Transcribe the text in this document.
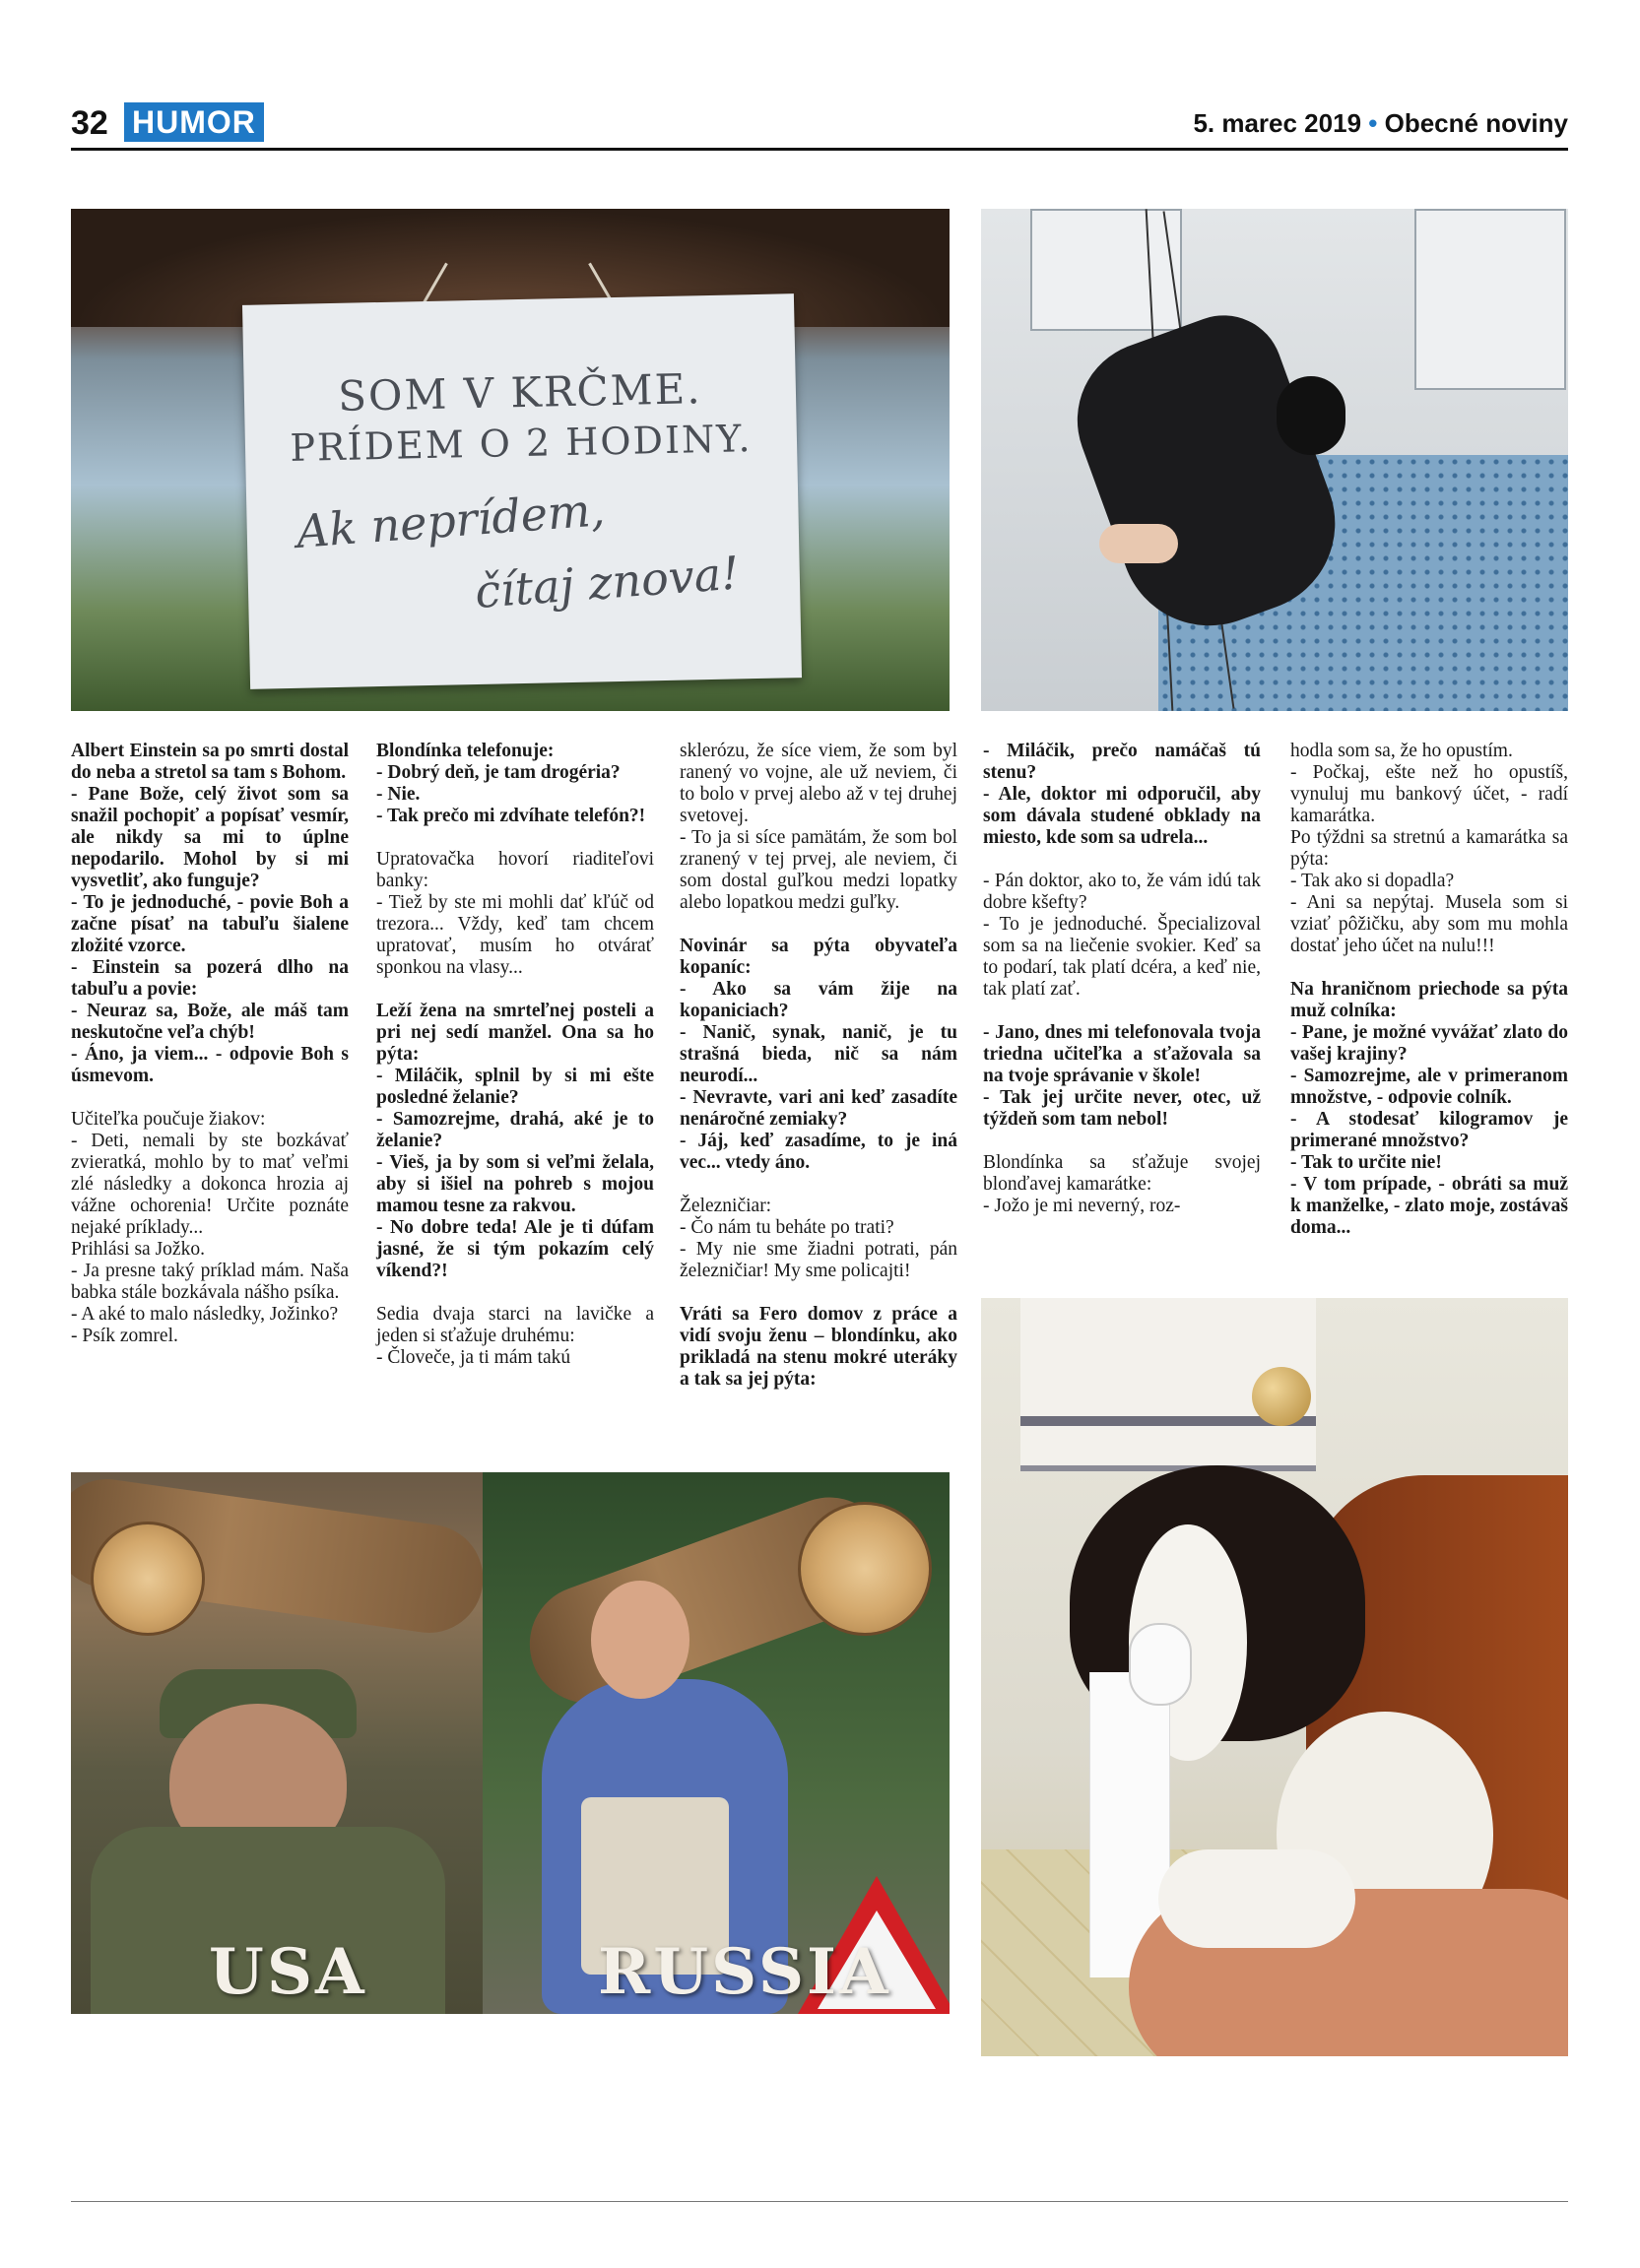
32 HUMOR	5. marec 2019 • Obecné noviny
SOM V KRČME.
PRÍDEM O 2 HODINY.
Ak neprídem,
čítaj znova!
USA	RUSSIA

Albert Einstein sa po smrti dostal do neba a stretol sa tam s Bohom.

- Pane Bože, celý život som sa snažil pochopiť a popísať vesmír, ale nikdy sa mi to úplne nepodarilo. Mohol by si mi vysvetliť, ako funguje?

- To je jednoduché, - povie Boh a začne písať na tabuľu šialene zložité vzorce.

- Einstein sa pozerá dlho na tabuľu a povie:

- Neuraz sa, Bože, ale máš tam neskutočne veľa chýb!

- Áno, ja viem... - odpovie Boh s úsmevom.

Učiteľka poučuje žiakov:

- Deti, nemali by ste bozkávať zvieratká, mohlo by to mať veľmi zlé následky a dokonca hrozia aj vážne ochorenia! Určite poznáte nejaké príklady...

Prihlási sa Jožko.

- Ja presne taký príklad mám. Naša babka stále bozkávala nášho psíka.

- A aké to malo následky, Jožinko?

- Psík zomrel.

Blondínka telefonuje:

- Dobrý deň, je tam drogéria?

- Nie.

- Tak prečo mi zdvíhate telefón?!

Upratovačka hovorí riaditeľovi banky:

- Tiež by ste mi mohli dať kľúč od trezora... Vždy, keď tam chcem upratovať, musím ho otvárať sponkou na vlasy...

Leží žena na smrteľnej posteli a pri nej sedí manžel. Ona sa ho pýta:

- Miláčik, splnil by si mi ešte posledné želanie?

- Samozrejme, drahá, aké je to želanie?

- Vieš, ja by som si veľmi želala, aby si išiel na pohreb s mojou mamou tesne za rakvou.

- No dobre teda! Ale je ti dúfam jasné, že si tým pokazím celý víkend?!

Sedia dvaja starci na lavičke a jeden si sťažuje druhému:

- Človeče, ja ti mám takú

sklerózu, že síce viem, že som byl ranený vo vojne, ale už neviem, či to bolo v prvej alebo až v tej druhej svetovej.

- To ja si síce pamätám, že som bol zranený v tej prvej, ale neviem, či som dostal guľkou medzi lopatky alebo lopatkou medzi guľky.

Novinár sa pýta obyvateľa kopaníc:

- Ako sa vám žije na kopaniciach?

- Nanič, synak, nanič, je tu strašná bieda, nič sa nám neurodí...

- Nevravte, vari ani keď zasadíte nenáročné zemiaky?

- Jáj, keď zasadíme, to je iná vec... vtedy áno.

Železničiar:

- Čo nám tu beháte po trati?

- My nie sme žiadni potrati, pán železničiar! My sme policajti!

Vráti sa Fero domov z práce a vidí svoju ženu – blondínku, ako prikladá na stenu mokré uteráky a tak sa jej pýta:

- Miláčik, prečo namáčaš tú stenu?

- Ale, doktor mi odporučil, aby som dávala studené obklady na miesto, kde som sa udrela...

- Pán doktor, ako to, že vám idú tak dobre kšefty?

- To je jednoduché. Špecializoval som sa na liečenie svokier. Keď sa to podarí, tak platí dcéra, a keď nie, tak platí zať.

- Jano, dnes mi telefonovala tvoja triedna učiteľka a sťažovala sa na tvoje správanie v škole!

- Tak jej určite never, otec, už týždeň som tam nebol!

Blondínka sa sťažuje svojej blonďavej kamarátke:

- Jožo je mi neverný, roz-

hodla som sa, že ho opustím.

- Počkaj, ešte než ho opustíš, vynuluj mu bankový účet, - radí kamarátka.

Po týždni sa stretnú a kamarátka sa pýta:

- Tak ako si dopadla?

- Ani sa nepýtaj. Musela som si vziať pôžičku, aby som mu mohla dostať jeho účet na nulu!!!

Na hraničnom priechode sa pýta muž colníka:

- Pane, je možné vyvážať zlato do vašej krajiny?

- Samozrejme, ale v primeranom množstve, - odpovie colník.

- A stodesať kilogramov je primerané množstvo?

- Tak to určite nie!

- V tom prípade, - obráti sa muž k manželke, - zlato moje, zostávaš doma...
